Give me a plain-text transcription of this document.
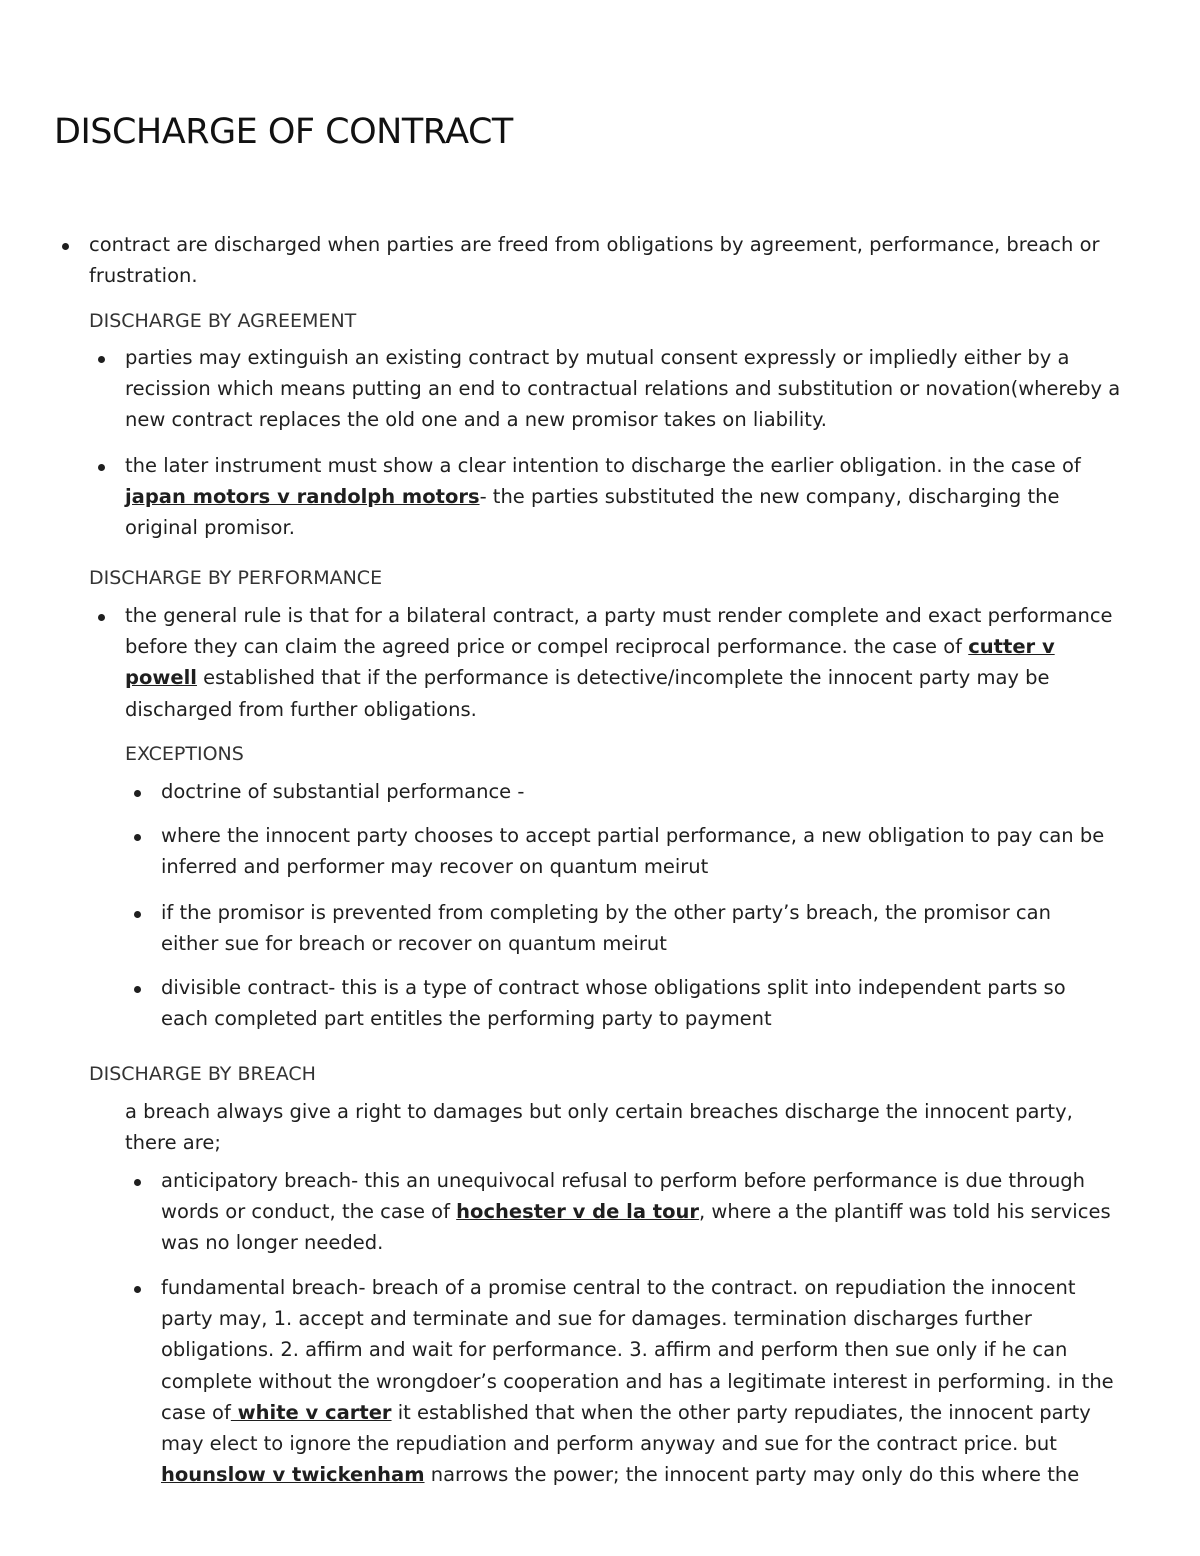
DISCHARGE OF CONTRACT
contract are discharged when parties are freed from obligations by agreement, performance, breach or frustration.
DISCHARGE BY AGREEMENT
parties may extinguish an existing contract by mutual consent expressly or impliedly either by a recission which means putting an end to contractual relations and substitution or novation(whereby a new contract replaces the old one and a new promisor takes on liability.
the later instrument must show a clear intention to discharge the earlier obligation. in the case of japan motors v randolph motors- the parties substituted the new company, discharging the original promisor.
DISCHARGE BY PERFORMANCE
the general rule is that for a bilateral contract, a party must render complete and exact performance before they can claim the agreed price or compel reciprocal performance. the case of cutter v powell established that if the performance is detective/incomplete the innocent party may be discharged from further obligations.
EXCEPTIONS
doctrine of substantial performance -
where the innocent party chooses to accept partial performance, a new obligation to pay can be inferred and performer may recover on quantum meirut
if the promisor is prevented from completing by the other party’s breach, the promisor can either sue for breach or recover on quantum meirut
divisible contract- this is a type of contract whose obligations split into independent parts so each completed part entitles the performing party to payment
DISCHARGE BY BREACH
a breach always give a right to damages but only certain breaches discharge the innocent party, there are;
anticipatory breach- this an unequivocal refusal to perform before performance is due through words or conduct, the case of hochester v de la tour, where a the plantiff was told his services was no longer needed.
fundamental breach- breach of a promise central to the contract. on repudiation the innocent party may, 1. accept and terminate and sue for damages. termination discharges further obligations. 2. affirm and wait for performance. 3. affirm and perform then sue only if he can complete without the wrongdoer’s cooperation and has a legitimate interest in performing. in the case of white v carter it established that when the other party repudiates, the innocent party may elect to ignore the repudiation and perform anyway and sue for the contract price. but hounslow v twickenham narrows the power; the innocent party may only do this where the
